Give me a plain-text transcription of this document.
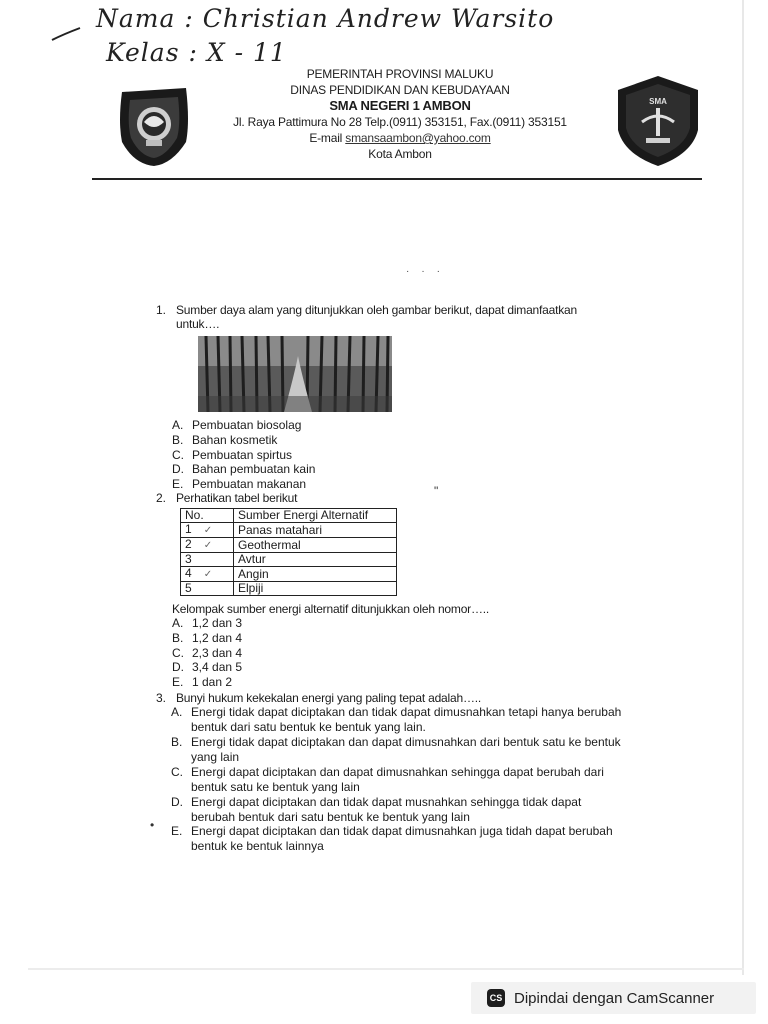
Nama : Christian Andrew Warsito
Kelas : X - 11
PEMERINTAH PROVINSI MALUKU
DINAS PENDIDIKAN DAN KEBUDAYAAN
SMA NEGERI 1 AMBON
Jl. Raya Pattimura No 28 Telp.(0911) 353151, Fax.(0911) 353151
E-mail smansaambon@yahoo.com
Kota Ambon
SMA
···
"
•
1. Sumber daya alam yang ditunjukkan oleh gambar berikut, dapat dimanfaatkan
untuk….
A. Pembuatan biosolag
B. Bahan kosmetik
C. Pembuatan spirtus
D. Bahan pembuatan kain
E. Pembuatan makanan
2. Perhatikan tabel berikut
No.	Sumber Energi Alternatif
1 ✓	Panas matahari
2 ✓	Geothermal
3	Avtur
4 ✓	Angin
5	Elpiji
Kelompak sumber energi alternatif ditunjukkan oleh nomor…..
A. 1,2 dan 3
B. 1,2 dan 4
C. 2,3 dan 4
D. 3,4 dan 5
E. 1 dan 2
3. Bunyi hukum kekekalan energi yang paling tepat adalah…..
A. Energi tidak dapat diciptakan dan tidak dapat dimusnahkan tetapi hanya berubah
bentuk dari satu bentuk ke bentuk yang lain.
B. Energi tidak dapat diciptakan dan dapat dimusnahkan dari bentuk satu ke bentuk
yang lain
C. Energi dapat diciptakan dan dapat dimusnahkan sehingga dapat berubah dari
bentuk satu ke bentuk yang lain
D. Energi dapat diciptakan dan tidak dapat musnahkan sehingga tidak dapat
berubah bentuk dari satu bentuk ke bentuk yang lain
E. Energi dapat diciptakan dan tidak dapat dimusnahkan juga tidah dapat berubah
bentuk ke bentuk lainnya
CS Dipindai dengan CamScanner
